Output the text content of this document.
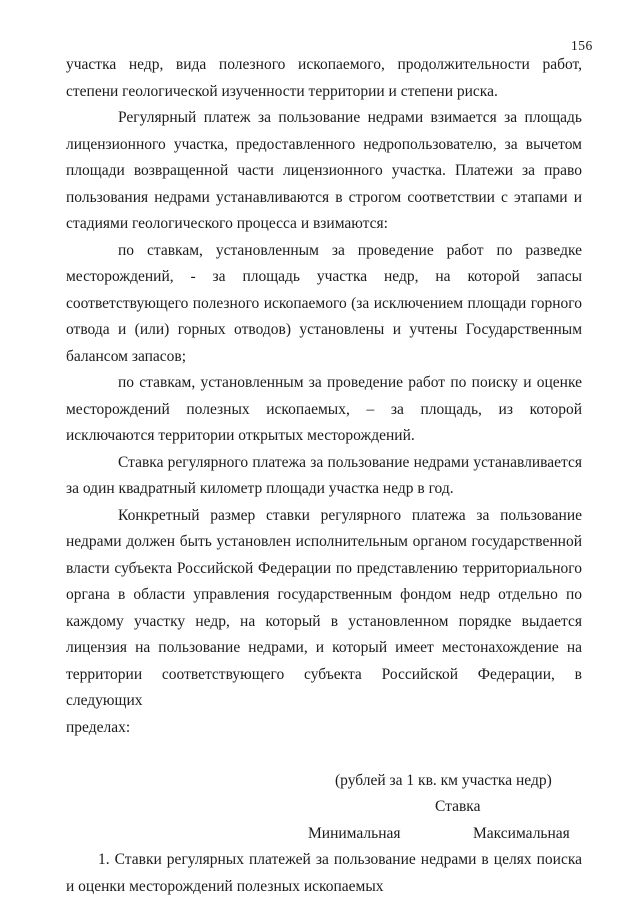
156
участка недр, вида полезного ископаемого, продолжительности работ,
степени геологической изученности территории и степени риска.
Регулярный платеж за пользование недрами взимается за площадь
лицензионного участка, предоставленного недропользователю, за вычетом
площади возвращенной части лицензионного участка. Платежи за право
пользования недрами устанавливаются в строгом соответствии с этапами и
стадиями геологического процесса и взимаются:
по ставкам, установленным за проведение работ по разведке
месторождений, - за площадь участка недр, на которой запасы
соответствующего полезного ископаемого (за исключением площади горного
отвода и (или) горных отводов) установлены и учтены Государственным
балансом запасов;
по ставкам, установленным за проведение работ по поиску и оценке
месторождений полезных ископаемых, – за площадь, из которой
исключаются территории открытых месторождений.
Ставка регулярного платежа за пользование недрами устанавливается
за один квадратный километр площади участка недр в год.
Конкретный размер ставки регулярного платежа за пользование
недрами должен быть установлен исполнительным органом государственной
власти субъекта Российской Федерации по представлению территориального
органа в области управления государственным фондом недр отдельно по
каждому участку недр, на который в установленном порядке выдается
лицензия на пользование недрами, и который имеет местонахождение на
территории соответствующего субъекта Российской Федерации, в следующих
пределах:
(рублей за 1 кв. км участка недр)
Ставка
Минимальная	Максимальная
1. Ставки регулярных платежей за пользование недрами в целях поиска
и оценки месторождений полезных ископаемых
